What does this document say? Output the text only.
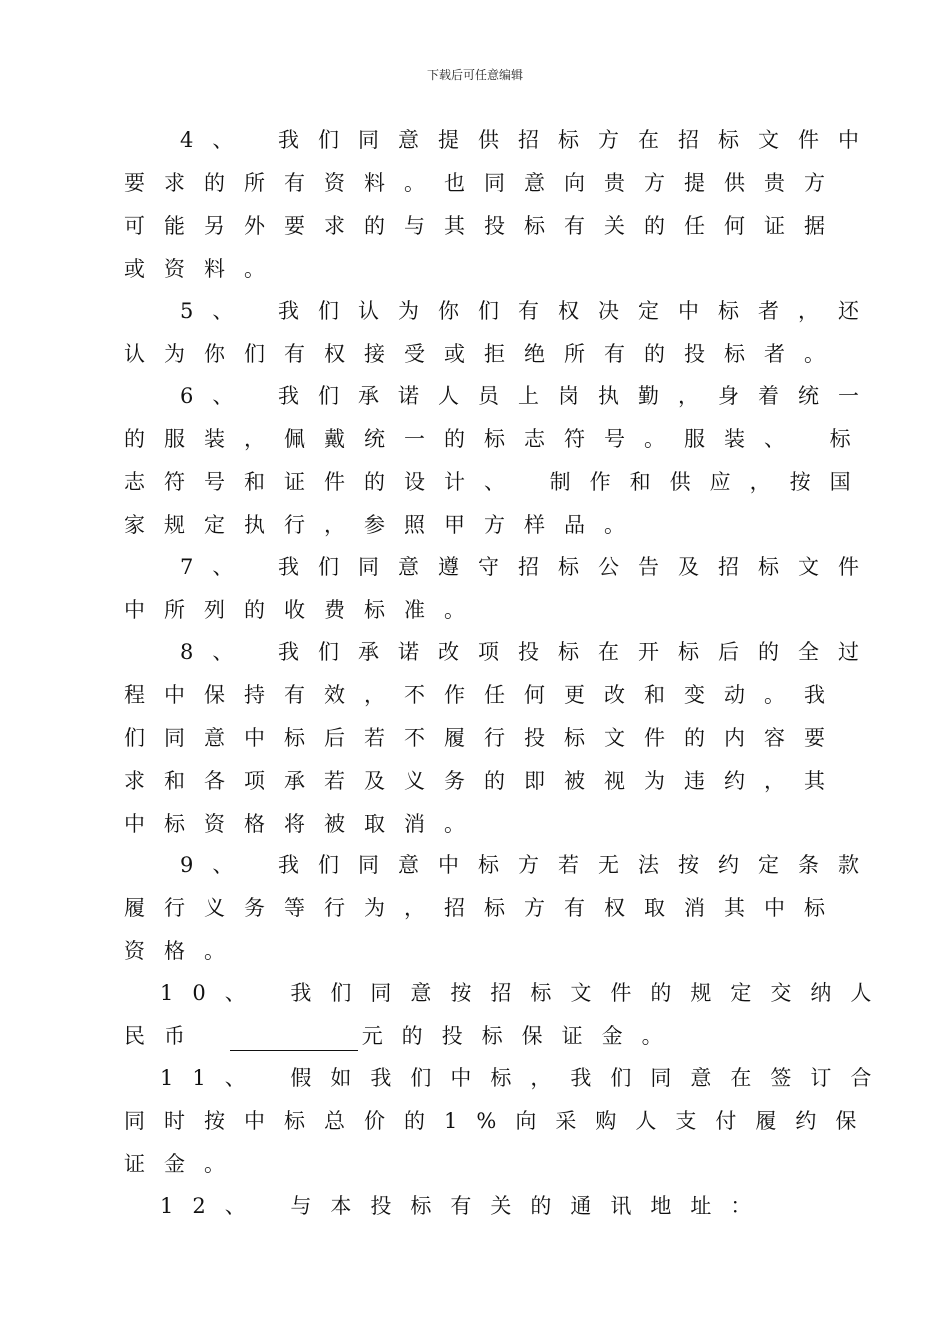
下载后可任意编辑
4、 我们同意提供招标方在招标文件中
要求的所有资料。也同意向贵方提供贵方
可能另外要求的与其投标有关的任何证据
或资料。
5、 我们认为你们有权决定中标者，还
认为你们有权接受或拒绝所有的投标者。
6、 我们承诺人员上岗执勤，身着统一
的服装，佩戴统一的标志符号。服装、 标
志符号和证件的设计、 制作和供应，按国
家规定执行，参照甲方样品。
7、 我们同意遵守招标公告及招标文件
中所列的收费标准。
8、 我们承诺改项投标在开标后的全过
程中保持有效，不作任何更改和变动。我
们同意中标后若不履行投标文件的内容要
求和各项承若及义务的即被视为违约，其
中标资格将被取消。
9、 我们同意中标方若无法按约定条款
履行义务等行为，招标方有权取消其中标
资格。
10、 我们同意按招标文件的规定交纳人
民币	元的投标保证金。
11、 假如我们中标，我们同意在签订合
同时按中标总价的1%向采购人支付履约保
证金。
12、 与本投标有关的通讯地址：
